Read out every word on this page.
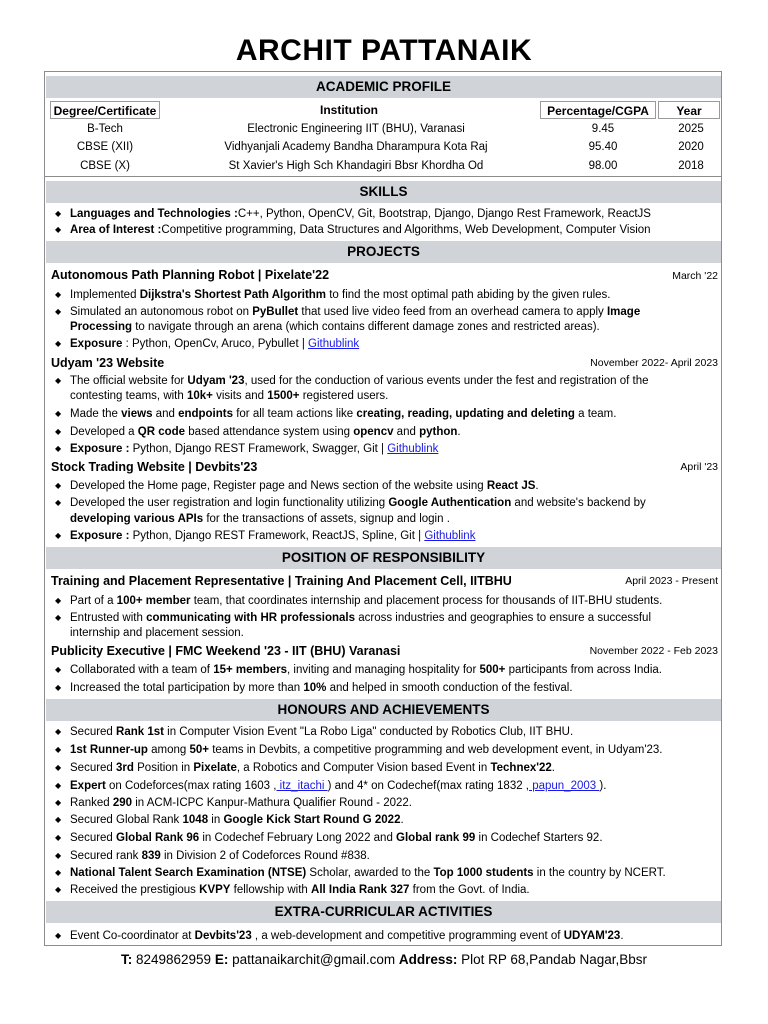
ARCHIT PATTANAIK
ACADEMIC PROFILE
Degree/Certificate	Institution	Percentage/CGPA	Year
B-Tech	Electronic Engineering IIT (BHU), Varanasi	9.45	2025
CBSE (XII)	Vidhyanjali Academy Bandha Dharampura Kota Raj	95.40	2020
CBSE (X)	St Xavier's High Sch Khandagiri Bbsr Khordha Od	98.00	2018
SKILLS
◆ Languages and Technologies :C++, Python, OpenCV, Git, Bootstrap, Django, Django Rest Framework, ReactJS
◆ Area of Interest :Competitive programming, Data Structures and Algorithms, Web Development, Computer Vision
PROJECTS
Autonomous Path Planning Robot | Pixelate'22	March '22
◆ Implemented Dijkstra's Shortest Path Algorithm to find the most optimal path abiding by the given rules.
◆ Simulated an autonomous robot on PyBullet that used live video feed from an overhead camera to apply Image
Processing to navigate through an arena (which contains different damage zones and restricted areas).
◆ Exposure : Python, OpenCv, Aruco, Pybullet | Githublink
Udyam '23 Website	November 2022- April 2023
◆ The official website for Udyam '23, used for the conduction of various events under the fest and registration of the
contesting teams, with 10k+ visits and 1500+ registered users.
◆ Made the views and endpoints for all team actions like creating, reading, updating and deleting a team.
◆ Developed a QR code based attendance system using opencv and python.
◆ Exposure : Python, Django REST Framework, Swagger, Git | Githublink
Stock Trading Website | Devbits'23	April '23
◆ Developed the Home page, Register page and News section of the website using React JS.
◆ Developed the user registration and login functionality utilizing Google Authentication and website's backend by
developing various APIs for the transactions of assets, signup and login .
◆ Exposure : Python, Django REST Framework, ReactJS, Spline, Git | Githublink
POSITION OF RESPONSIBILITY
Training and Placement Representative | Training And Placement Cell, IITBHU	April 2023 - Present
◆ Part of a 100+ member team, that coordinates internship and placement process for thousands of IIT-BHU students.
◆ Entrusted with communicating with HR professionals across industries and geographies to ensure a successful
internship and placement session.
Publicity Executive | FMC Weekend '23 - IIT (BHU) Varanasi	November 2022 - Feb 2023
◆ Collaborated with a team of 15+ members, inviting and managing hospitality for 500+ participants from across India.
◆ Increased the total participation by more than 10% and helped in smooth conduction of the festival.
HONOURS AND ACHIEVEMENTS
◆ Secured Rank 1st in Computer Vision Event "La Robo Liga" conducted by Robotics Club, IIT BHU.
◆ 1st Runner-up among 50+ teams in Devbits, a competitive programming and web development event, in Udyam'23.
◆ Secured 3rd Position in Pixelate, a Robotics and Computer Vision based Event in Technex'22.
◆ Expert on Codeforces(max rating 1603 , itz_itachi ) and 4* on Codechef(max rating 1832 , papun_2003 ).
◆ Ranked 290 in ACM-ICPC Kanpur-Mathura Qualifier Round - 2022.
◆ Secured Global Rank 1048 in Google Kick Start Round G 2022.
◆ Secured Global Rank 96 in Codechef February Long 2022 and Global rank 99 in Codechef Starters 92.
◆ Secured rank 839 in Division 2 of Codeforces Round #838.
◆ National Talent Search Examination (NTSE) Scholar, awarded to the Top 1000 students in the country by NCERT.
◆ Received the prestigious KVPY fellowship with All India Rank 327 from the Govt. of India.
EXTRA-CURRICULAR ACTIVITIES
◆ Event Co-coordinator at Devbits'23 , a web-development and competitive programming event of UDYAM'23.
T: 8249862959 E: pattanaikarchit@gmail.com Address: Plot RP 68,Pandab Nagar,Bbsr
